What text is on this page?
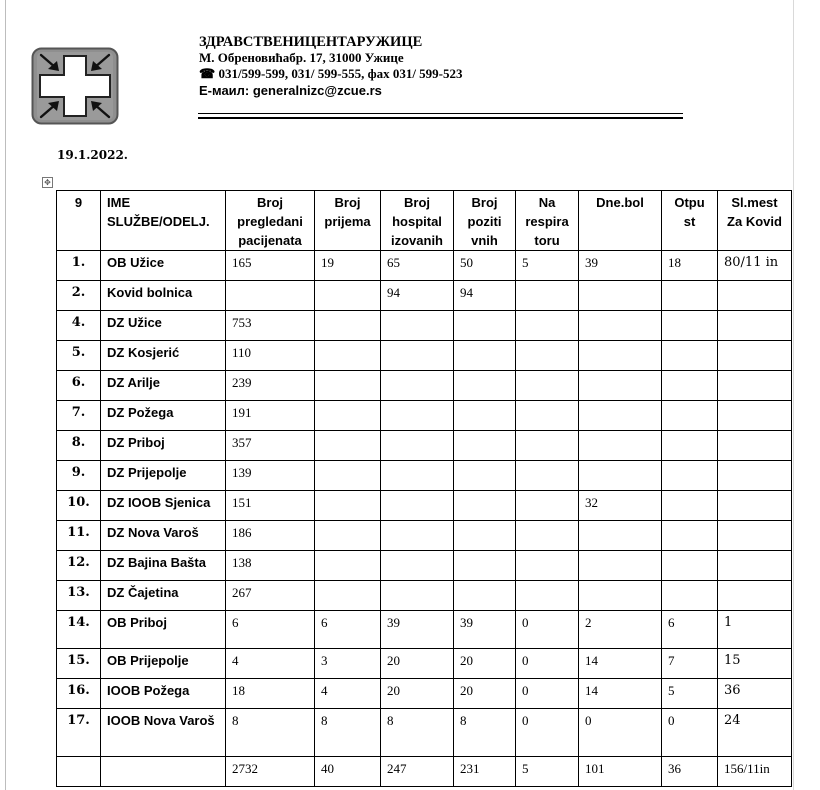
ЗДРАВСТВЕНИЦЕНТАРУЖИЦЕ
М. Обреновићабр. 17, 31000 Ужице
☎ 031/599-599, 031/ 599-555, фах 031/ 599-523
Е-маил: generalnizc@zcue.rs
19.1.2022.
✥
9	IME SLUŽBE/ODELJ.	Broj pregledani pacijenata	Broj prijema	Broj hospital izovanih	Broj poziti vnih	Na respira toru	Dne.bol	Otpu st	Sl.mest Za Kovid
1.	OB Užice	165	19	65	50	5	39	18	80/11 in
2.	Kovid bolnica			94	94				
4.	DZ Užice	753							
5.	DZ Kosjerić	110							
6.	DZ Arilje	239							
7.	DZ Požega	191							
8.	DZ Priboj	357							
9.	DZ Prijepolje	139							
10.	DZ IOOB Sjenica	151					32		
11.	DZ Nova Varoš	186							
12.	DZ Bajina Bašta	138							
13.	DZ Čajetina	267							
14.	OB Priboj	6	6	39	39	0	2	6	1
15.	OB Prijepolje	4	3	20	20	0	14	7	15
16.	IOOB Požega	18	4	20	20	0	14	5	36
17.	IOOB Nova Varoš	8	8	8	8	0	0	0	24
		2732	40	247	231	5	101	36	156/11in
